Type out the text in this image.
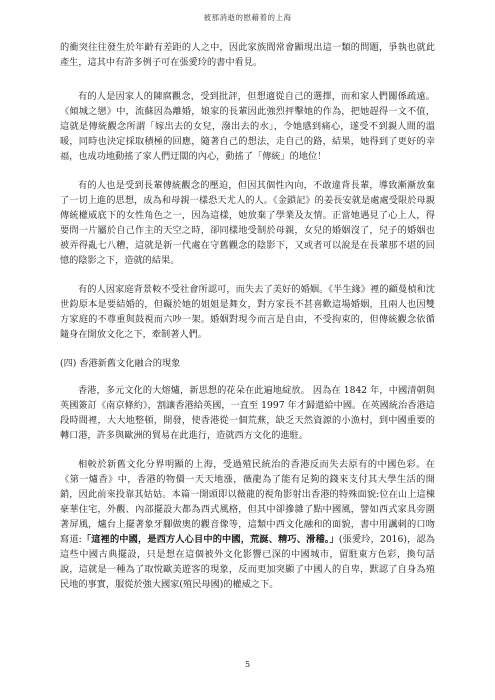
被那消逝的慰藉着的上海

的衝突往往發生於年齡有差距的人之中，因此家族間常會顯現出這一類的問題，爭執也就此產生，這其中有許多例子可在張愛玲的書中看見。

有的人是因家人的陳腐觀念，受到批評，但想適從自己的選擇，而和家人們關係疏遠。《傾城之戀》中，流蘇因為離婚，娘家的長輩因此強烈抨擊她的作為，把她趕得一文不值，這就是傳統觀念所謂「嫁出去的女兒，潑出去的水」，令她感到痛心，遂受不到親人間的溫暖，同時也決定採取積極的回應，隨著自己的想法，走自己的路，結果，她得到了更好的幸福，也成功地動搖了家人們迂闊的內心，動搖了「傳統」的地位！

有的人也是受到長輩傳統觀念的壓迫，但因其個性內向，不敢違背長輩，導致漸漸放棄了一切上進的思想，成為和母親一樣恐天尤人的人。《金鎖記》的姜長安就是處處受限於母親傳統權威底下的女性角色之一，因為這樣，她放棄了學業及友情。正當她遇見了心上人，得要問一片屬於自己作主的天空之時，卻同樣地受制於母親，女兒的婚姻沒了，兒子的婚姻也被弄得亂七八糟，這就是新一代處在守舊觀念的陰影下，又或者可以說是在長輩那不堪的回憶的陰影之下，造就的結果。

有的人因家庭背景較不受社會所認可，而失去了美好的婚姻。《半生緣》裡的顧曼楨和沈世鈞原本是要結婚的，但礙於她的姐姐是舞女，對方家長不甚喜歡這場婚姻，且兩人也因雙方家庭的不尊重與鼓視而六吵一架。婚姻對現今而言是自由，不受拘束的，但傳統觀念依循隨身在開放文化之下，牽制著人們。

(四) 香港新舊文化融合的現象

香港，多元文化的大熔爐，新思想的花朵在此遍地綻放。 因為在 1842 年，中國清朝與英國簽訂《南京條約》，割讓香港給英國，一直至 1997 年才歸還給中國。在英國統治香港這段時間裡，大大地整頓，開發，使香港從一個荒蕪，缺乏天然資源的小漁村，到中國重要的轉口港，許多與歐洲的貿易在此進行，造就西方文化的進駐。

相較於新舊文化分界明顯的上海，受過殖民統治的香港反而失去原有的中國色彩。在《第一爐香》中，香港的物價一天天地漲，薇龍為了能有足夠的錢來支付其大學生活的開銷，因此前來投靠其姑姑。本篇一開頭即以薇龍的視角影射出香港的特殊面貌:位在山上這棟豪華住宅，外觀、內部擺設大都為西式風格，但其中卻摻雜了點中國風，譬如西式家具旁圍著屏風，爐台上擺著象牙腳做奧的觀音像等，這類中西文化融和的面貌，書中用諷刺的口吻寫道:「這裡的中國，是西方人心目中的中國，荒誕、精巧、滑稽。」(張愛玲，2016)，認為這些中國古典擺設，只是想在這個被外文化影響已深的中國城市，留駐東方色彩，換句話說，這就是一種為了取悅歐美遊客的現象，反而更加突顯了中國人的自卑，默認了自身為殖民地的事實，服從於強大國家(殖民母國)的權威之下。

5
